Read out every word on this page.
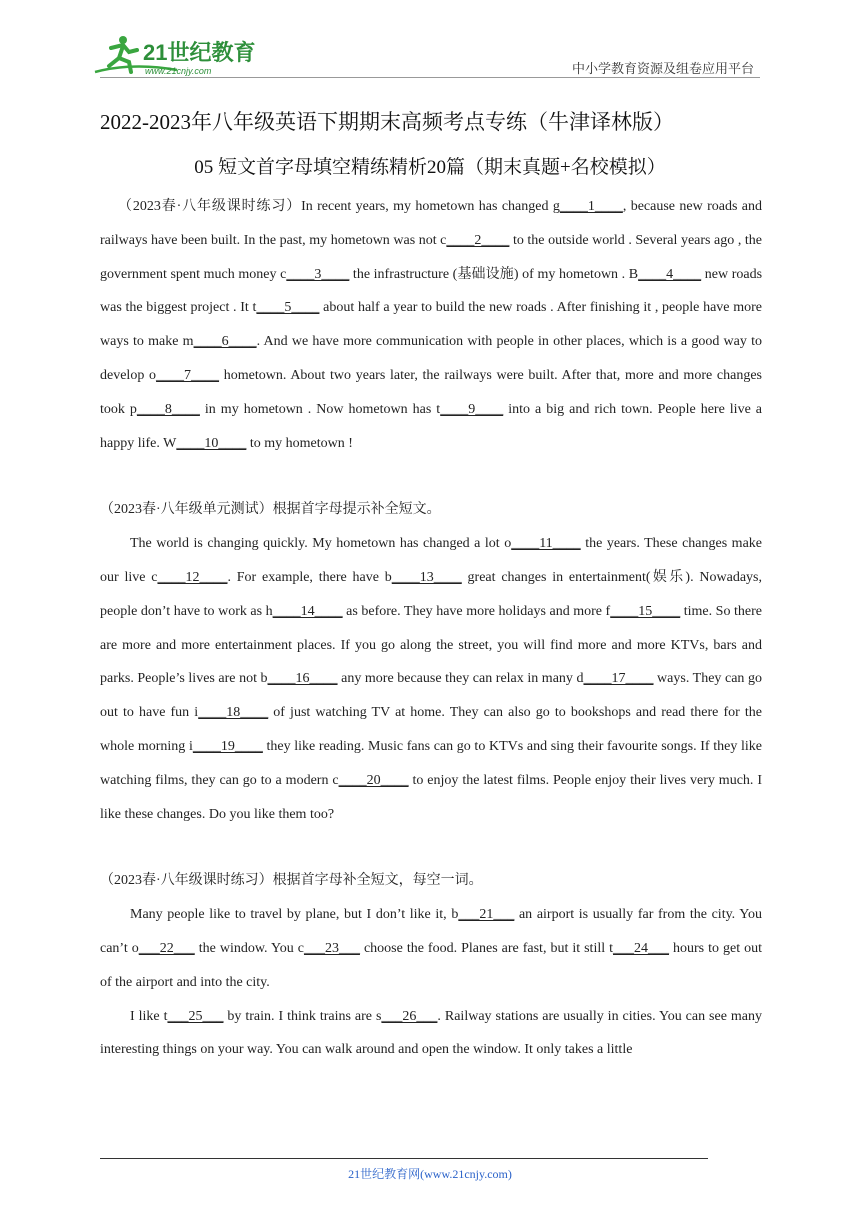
21世纪教育
www.21cnjy.com	中小学教育资源及组卷应用平台
2022-2023年八年级英语下期期末高频考点专练（牛津译林版）
05 短文首字母填空精练精析20篇（期末真题+名校模拟）

（2023春·八年级课时练习）In recent years, my hometown has changed g____1____, because new roads and railways have been built. In the past, my hometown was not c____2____ to the outside world . Several years ago , the government spent much money c____3____ the infrastructure (基础设施) of my hometown . B____4____ new roads was the biggest project . It t____5____ about half a year to build the new roads . After finishing it , people have more ways to make m____6____. And we have more communication with people in other places, which is a good way to develop o____7____ hometown. About two years later, the railways were built. After that, more and more changes took p____8____ in my hometown . Now hometown has t____9____ into a big and rich town. People here live a happy life. W____10____ to my hometown !

（2023春·八年级单元测试）根据首字母提示补全短文。

The world is changing quickly. My hometown has changed a lot o____11____ the years. These changes make our live c____12____. For example, there have b____13____ great changes in entertainment(娱乐). Nowadays, people don’t have to work as h____14____ as before. They have more holidays and more f____15____ time. So there are more and more entertainment places. If you go along the street, you will find more and more KTVs, bars and parks. People’s lives are not b____16____ any more because they can relax in many d____17____ ways. They can go out to have fun i____18____ of just watching TV at home. They can also go to bookshops and read there for the whole morning i____19____ they like reading. Music fans can go to KTVs and sing their favourite songs. If they like watching films, they can go to a modern c____20____ to enjoy the latest films. People enjoy their lives very much. I like these changes. Do you like them too?

（2023春·八年级课时练习）根据首字母补全短文，每空一词。

Many people like to travel by plane, but I don’t like it, b___21___ an airport is usually far from the city. You can’t o___22___ the window. You c___23___ choose the food. Planes are fast, but it still t___24___ hours to get out of the airport and into the city.

I like t___25___ by train. I think trains are s___26___. Railway stations are usually in cities. You can see many interesting things on your way. You can walk around and open the window. It only takes a little

21世纪教育网(www.21cnjy.com)
